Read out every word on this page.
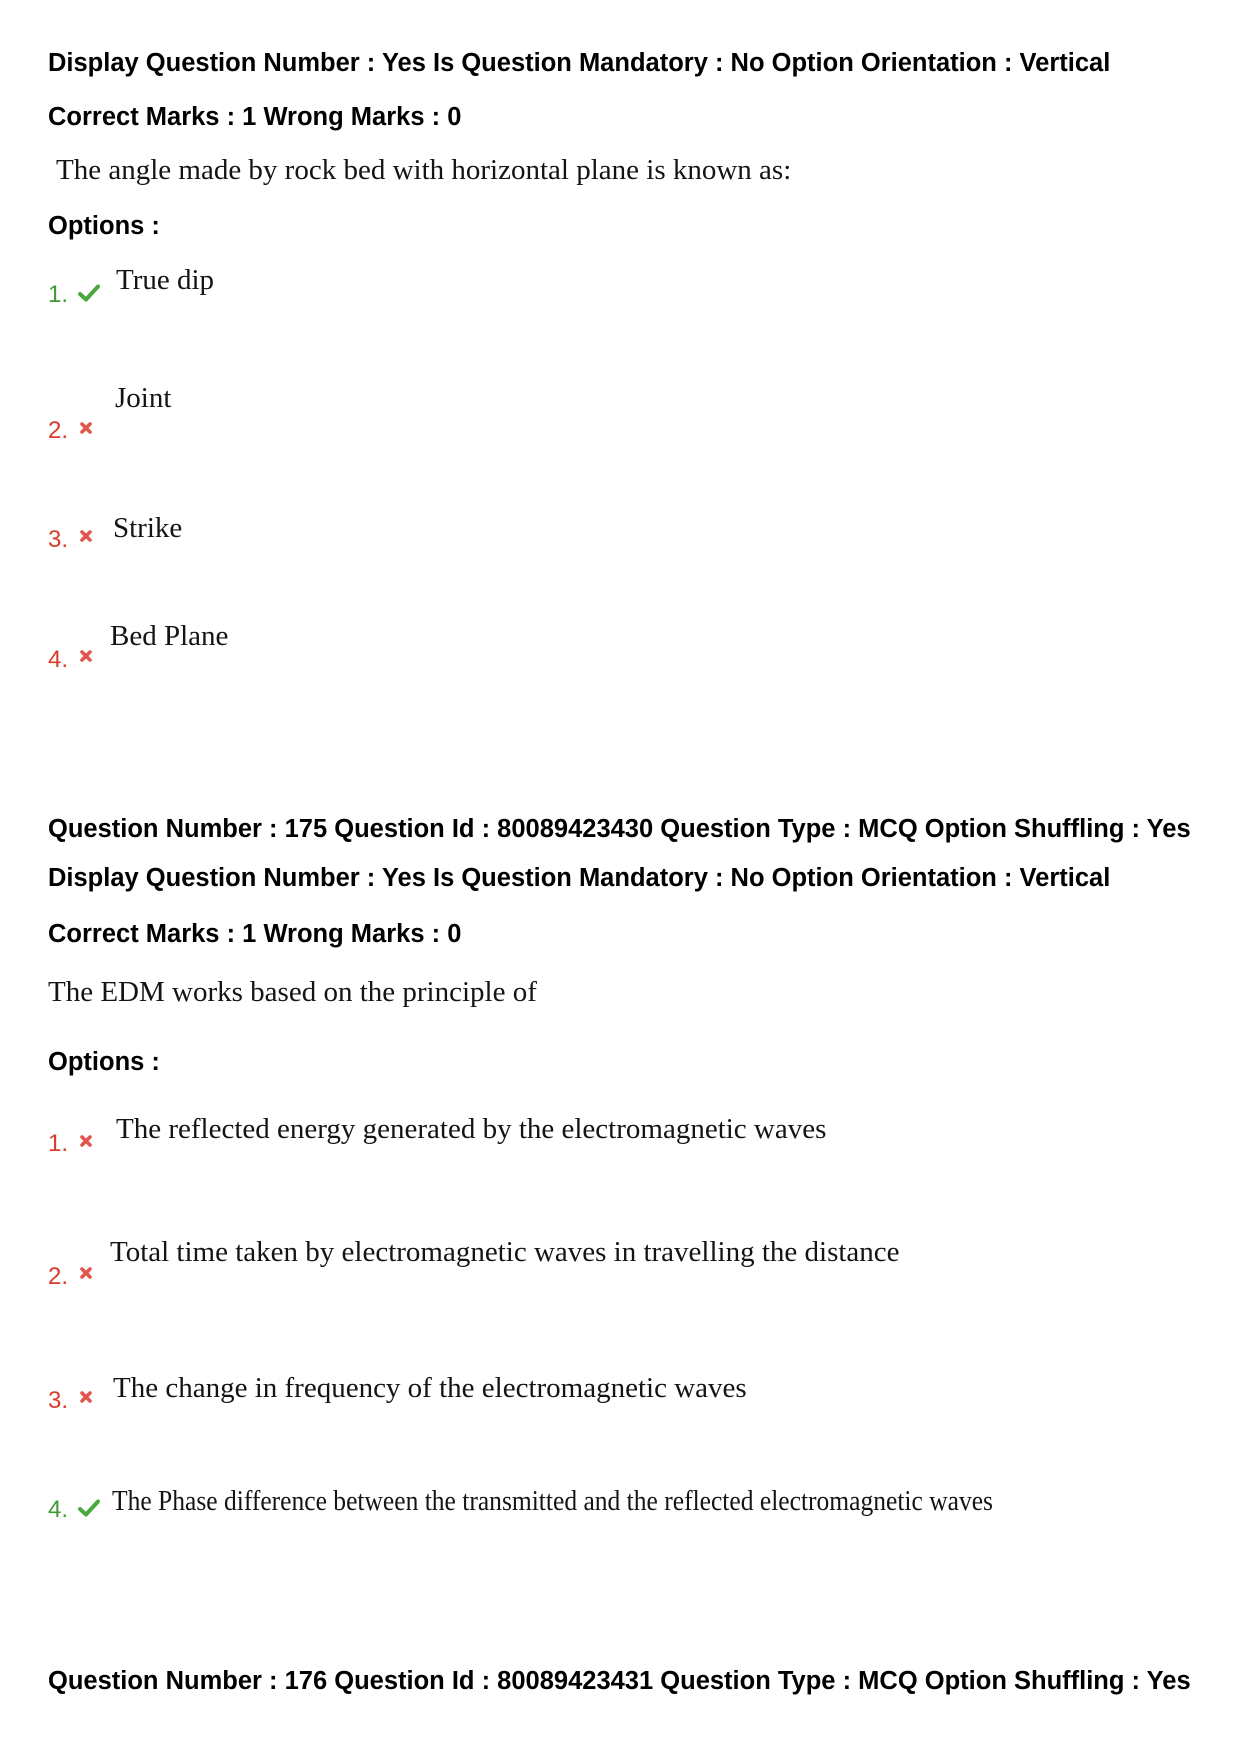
Display Question Number : Yes Is Question Mandatory : No Option Orientation : Vertical
Correct Marks : 1 Wrong Marks : 0
The angle made by rock bed with horizontal plane is known as:
Options :
1. True dip
2.
Joint
3. Strike
4.
Bed Plane
Question Number : 175 Question Id : 80089423430 Question Type : MCQ Option Shuffling : Yes
Display Question Number : Yes Is Question Mandatory : No Option Orientation : Vertical
Correct Marks : 1 Wrong Marks : 0
The EDM works based on the principle of
Options :
1. The reflected energy generated by the electromagnetic waves
2.
Total time taken by electromagnetic waves in travelling the distance
3. The change in frequency of the electromagnetic waves
4. The Phase difference between the transmitted and the reflected electromagnetic waves
Question Number : 176 Question Id : 80089423431 Question Type : MCQ Option Shuffling : Yes
